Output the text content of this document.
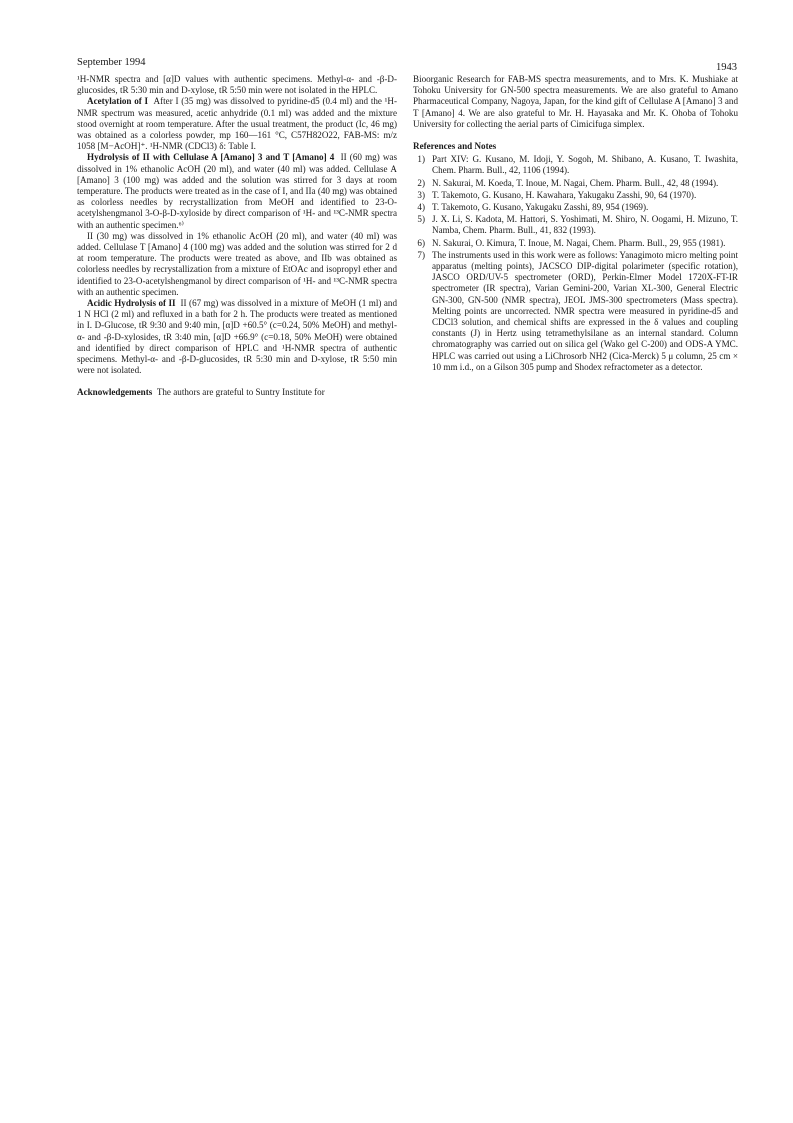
September 1994	1943

¹H-NMR spectra and [α]D values with authentic specimens. Methyl-α- and -β-D-glucosides, tR 5:30 min and D-xylose, tR 5:50 min were not isolated in the HPLC.

Acetylation of I After I (35 mg) was dissolved to pyridine-d5 (0.4 ml) and the ¹H-NMR spectrum was measured, acetic anhydride (0.1 ml) was added and the mixture stood overnight at room temperature. After the usual treatment, the product (Ic, 46 mg) was obtained as a colorless powder, mp 160—161 °C, C57H82O22, FAB-MS: m/z 1058 [M−AcOH]⁺. ¹H-NMR (CDCl3) δ: Table I.

Hydrolysis of II with Cellulase A [Amano] 3 and T [Amano] 4 II (60 mg) was dissolved in 1% ethanolic AcOH (20 ml), and water (40 ml) was added. Cellulase A [Amano] 3 (100 mg) was added and the solution was stirred for 3 days at room temperature. The products were treated as in the case of I, and IIa (40 mg) was obtained as colorless needles by recrystallization from MeOH and identified to 23-O-acetylshengmanol 3-O-β-D-xyloside by direct comparison of ¹H- and ¹³C-NMR spectra with an authentic specimen.⁶⁾

II (30 mg) was dissolved in 1% ethanolic AcOH (20 ml), and water (40 ml) was added. Cellulase T [Amano] 4 (100 mg) was added and the solution was stirred for 2 d at room temperature. The products were treated as above, and IIb was obtained as colorless needles by recrystallization from a mixture of EtOAc and isopropyl ether and identified to 23-O-acetylshengmanol by direct comparison of ¹H- and ¹³C-NMR spectra with an authentic specimen.

Acidic Hydrolysis of II II (67 mg) was dissolved in a mixture of MeOH (1 ml) and 1 N HCl (2 ml) and refluxed in a bath for 2 h. The products were treated as mentioned in I. D-Glucose, tR 9:30 and 9:40 min, [α]D +60.5° (c=0.24, 50% MeOH) and methyl-α- and -β-D-xylosides, tR 3:40 min, [α]D +66.9° (c=0.18, 50% MeOH) were obtained and identified by direct comparison of HPLC and ¹H-NMR spectra of authentic specimens. Methyl-α- and -β-D-glucosides, tR 5:30 min and D-xylose, tR 5:50 min were not isolated.

Acknowledgements The authors are grateful to Suntry Institute for

Bioorganic Research for FAB-MS spectra measurements, and to Mrs. K. Mushiake at Tohoku University for GN-500 spectra measurements. We are also grateful to Amano Pharmaceutical Company, Nagoya, Japan, for the kind gift of Cellulase A [Amano] 3 and T [Amano] 4. We are also grateful to Mr. H. Hayasaka and Mr. K. Ohoba of Tohoku University for collecting the aerial parts of Cimicifuga simplex.

References and Notes

1) Part XIV: G. Kusano, M. Idoji, Y. Sogoh, M. Shibano, A. Kusano, T. Iwashita, Chem. Pharm. Bull., 42, 1106 (1994).
2) N. Sakurai, M. Koeda, T. Inoue, M. Nagai, Chem. Pharm. Bull., 42, 48 (1994).
3) T. Takemoto, G. Kusano, H. Kawahara, Yakugaku Zasshi, 90, 64 (1970).
4) T. Takemoto, G. Kusano, Yakugaku Zasshi, 89, 954 (1969).
5) J. X. Li, S. Kadota, M. Hattori, S. Yoshimati, M. Shiro, N. Oogami, H. Mizuno, T. Namba, Chem. Pharm. Bull., 41, 832 (1993).
6) N. Sakurai, O. Kimura, T. Inoue, M. Nagai, Chem. Pharm. Bull., 29, 955 (1981).
7) The instruments used in this work were as follows: Yanagimoto micro melting point apparatus (melting points), JACSCO DIP-digital polarimeter (specific rotation), JASCO ORD/UV-5 spectrometer (ORD), Perkin-Elmer Model 1720X-FT-IR spectrometer (IR spectra), Varian Gemini-200, Varian XL-300, General Electric GN-300, GN-500 (NMR spectra), JEOL JMS-300 spectrometers (Mass spectra). Melting points are uncorrected. NMR spectra were measured in pyridine-d5 and CDCl3 solution, and chemical shifts are expressed in the δ values and coupling constants (J) in Hertz using tetramethylsilane as an internal standard. Column chromatography was carried out on silica gel (Wako gel C-200) and ODS-A YMC. HPLC was carried out using a LiChrosorb NH2 (Cica-Merck) 5 μ column, 25 cm × 10 mm i.d., on a Gilson 305 pump and Shodex refractometer as a detector.
